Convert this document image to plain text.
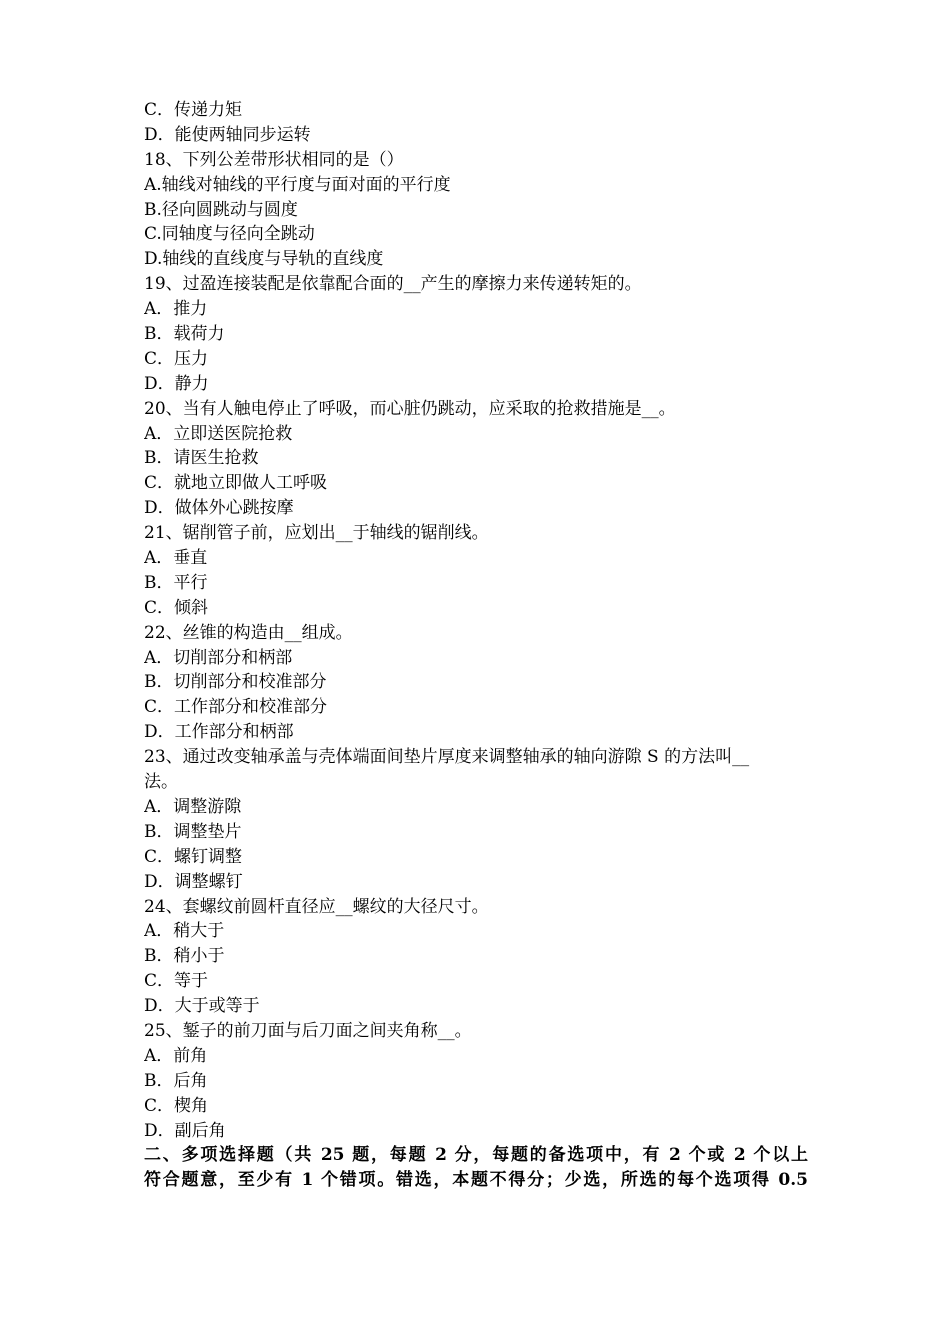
C．传递力矩
D．能使两轴同步运转
18、下列公差带形状相同的是（）
A.轴线对轴线的平行度与面对面的平行度
B.径向圆跳动与圆度
C.同轴度与径向全跳动
D.轴线的直线度与导轨的直线度
19、过盈连接装配是依靠配合面的__产生的摩擦力来传递转矩的。
A．推力
B．载荷力
C．压力
D．静力
20、当有人触电停止了呼吸，而心脏仍跳动，应采取的抢救措施是__。
A．立即送医院抢救
B．请医生抢救
C．就地立即做人工呼吸
D．做体外心跳按摩
21、锯削管子前，应划出__于轴线的锯削线。
A．垂直
B．平行
C．倾斜
22、丝锥的构造由__组成。
A．切削部分和柄部
B．切削部分和校准部分
C．工作部分和校准部分
D．工作部分和柄部
23、通过改变轴承盖与壳体端面间垫片厚度来调整轴承的轴向游隙 S 的方法叫__
法。
A．调整游隙
B．调整垫片
C．螺钉调整
D．调整螺钉
24、套螺纹前圆杆直径应__螺纹的大径尺寸。
A．稍大于
B．稍小于
C．等于
D．大于或等于
25、錾子的前刀面与后刀面之间夹角称__。
A．前角
B．后角
C．楔角
D．副后角
二、多项选择题（共 25 题，每题 2 分，每题的备选项中，有 2 个或 2 个以上
符合题意，至少有 1 个错项。错选，本题不得分；少选，所选的每个选项得 0.5
